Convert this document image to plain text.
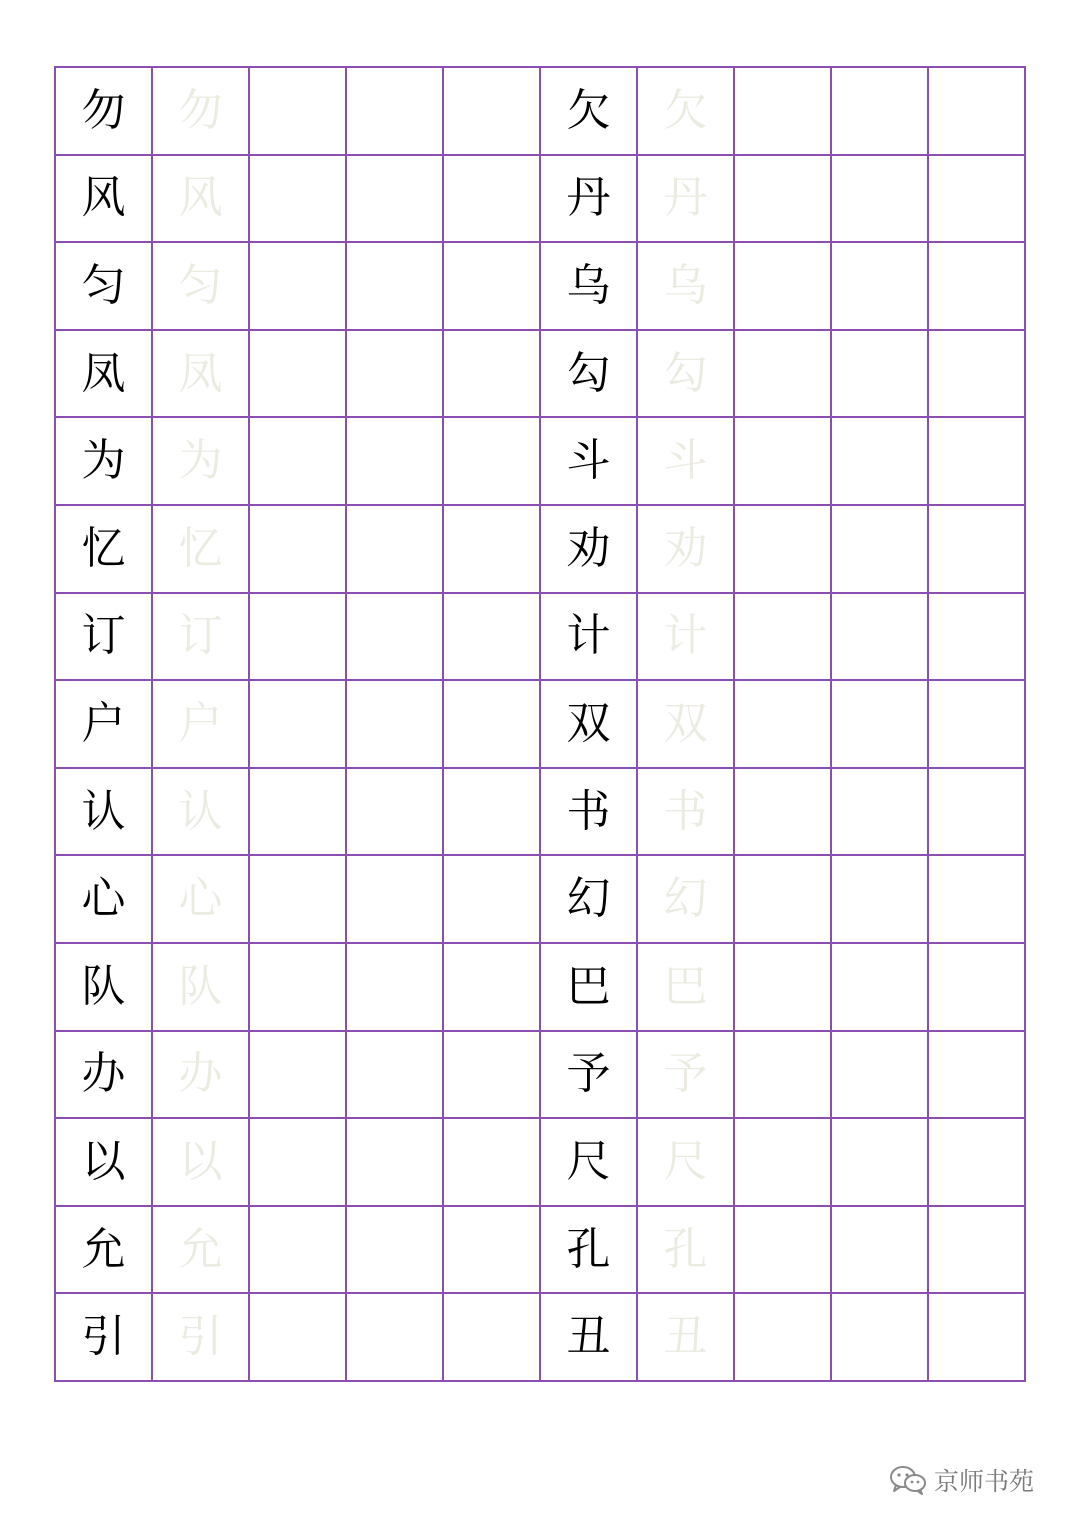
勿	勿	欠	欠
风	风	丹	丹
匀	匀	乌	乌
凤	凤	勾	勾
为	为	斗	斗
忆	忆	劝	劝
订	订	计	计
户	户	双	双
认	认	书	书
心	心	幻	幻
队	队	巴	巴
办	办	予	予
以	以	尺	尺
允	允	孔	孔
引	引	丑	丑
京师书苑
